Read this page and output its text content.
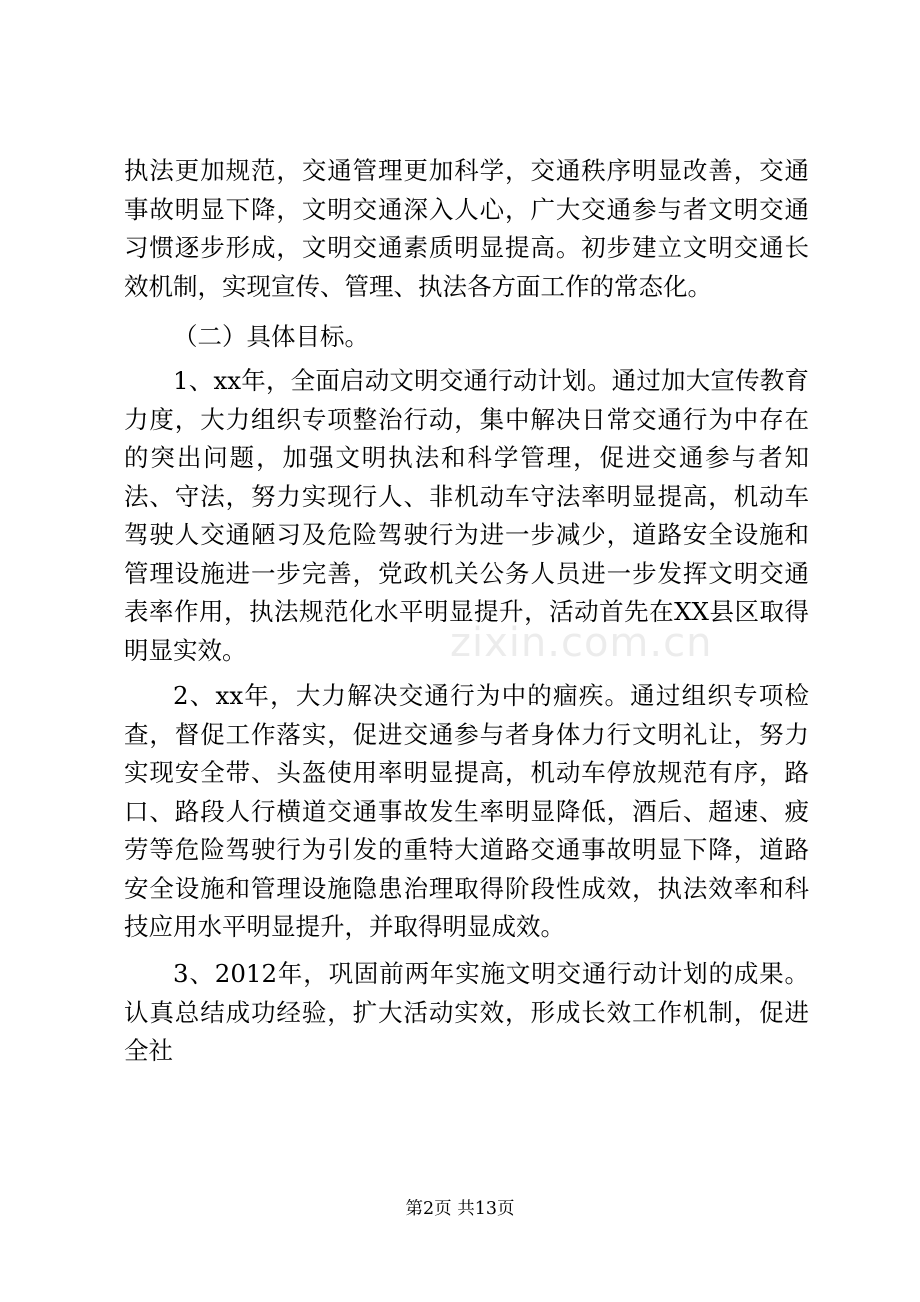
zixin.com.cn
执法更加规范，交通管理更加科学，交通秩序明显改善，交通事故明显下降，文明交通深入人心，广大交通参与者文明交通习惯逐步形成，文明交通素质明显提高。初步建立文明交通长效机制，实现宣传、管理、执法各方面工作的常态化。
（二）具体目标。
1、xx年，全面启动文明交通行动计划。通过加大宣传教育力度，大力组织专项整治行动，集中解决日常交通行为中存在的突出问题，加强文明执法和科学管理，促进交通参与者知法、守法，努力实现行人、非机动车守法率明显提高，机动车驾驶人交通陋习及危险驾驶行为进一步减少，道路安全设施和管理设施进一步完善，党政机关公务人员进一步发挥文明交通表率作用，执法规范化水平明显提升，活动首先在XX县区取得明显实效。
2、xx年，大力解决交通行为中的痼疾。通过组织专项检查，督促工作落实，促进交通参与者身体力行文明礼让，努力实现安全带、头盔使用率明显提高，机动车停放规范有序，路口、路段人行横道交通事故发生率明显降低，酒后、超速、疲劳等危险驾驶行为引发的重特大道路交通事故明显下降，道路安全设施和管理设施隐患治理取得阶段性成效，执法效率和科技应用水平明显提升，并取得明显成效。
3、2012年，巩固前两年实施文明交通行动计划的成果。认真总结成功经验，扩大活动实效，形成长效工作机制，促进全社
第2页 共13页
